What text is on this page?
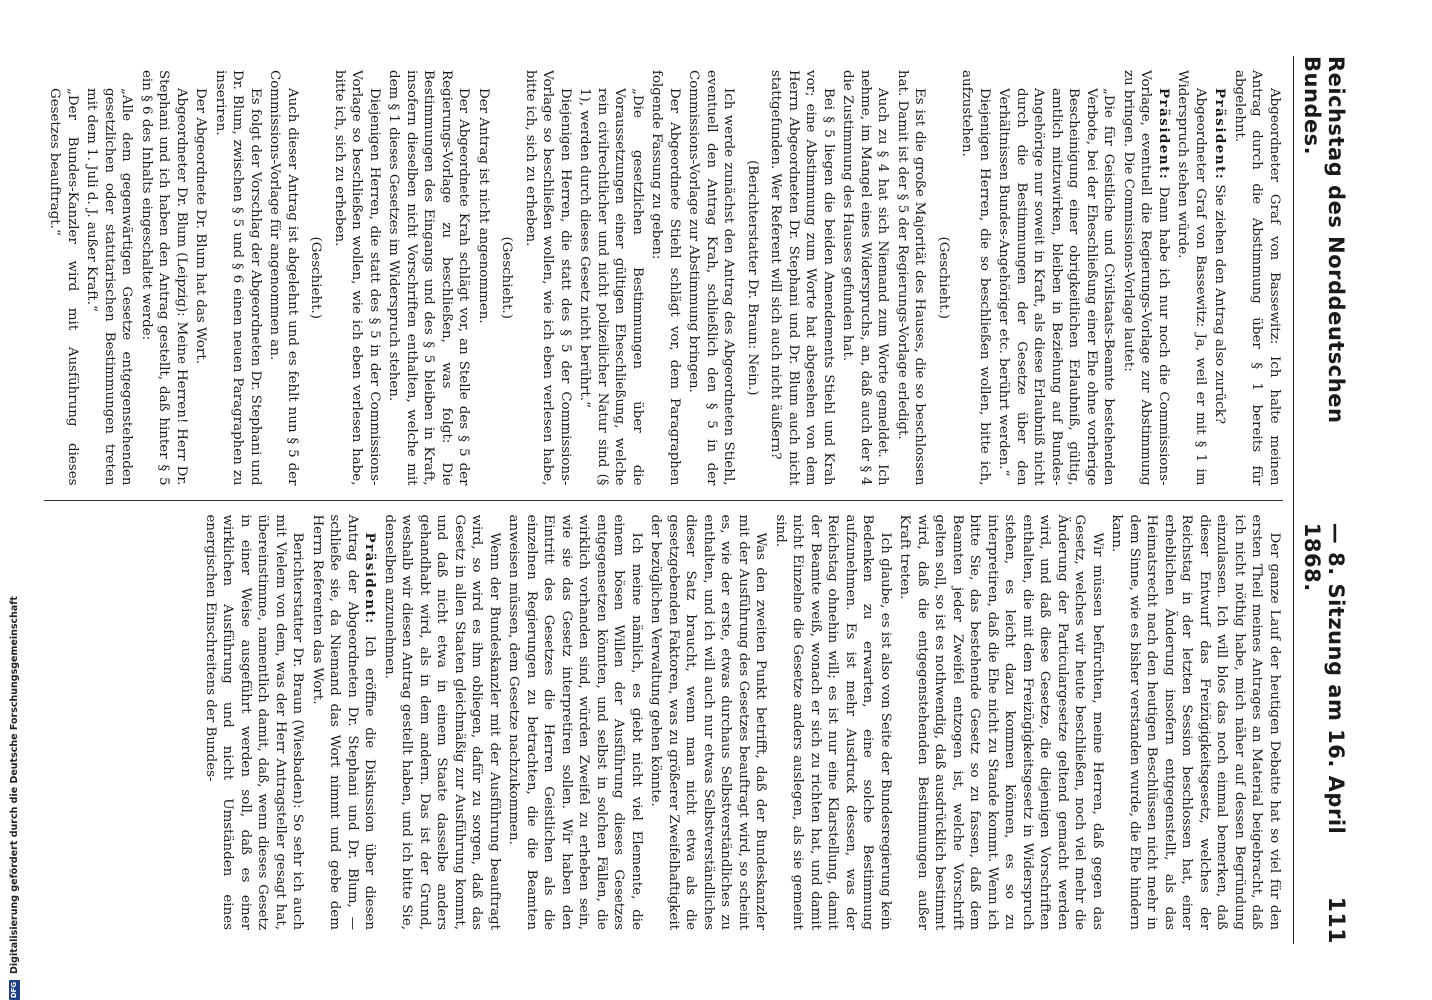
Reichstag des Norddeutschen Bundes.
— 8. Sitzung am 16. April 1868.
111

Abgeordneter Graf von Bassewitz: Ich halte meinen Antrag durch die Abstimmung über § 1 bereits für abgelehnt.

Präsident: Sie ziehen den Antrag also zurück?

Abgeordneter Graf von Bassewitz: Ja, weil er mit § 1 im Widerspruch stehen würde.

Präsident: Dann habe ich nur noch die Commissions-Vorlage, eventuell die Regierungs-Vorlage zur Abstimmung zu bringen. Die Commissions-Vorlage lautet:

„Die für Geistliche und Civilstaats-Beamte bestehenden Verbote, bei der Eheschließung einer Ehe ohne vorherige Bescheinigung einer obrigkeitlichen Erlaubniß, gültig, amtlich mitzuwirken, bleiben in Beziehung auf Bundes-Angehörige nur soweit in Kraft, als diese Erlaubniß nicht durch die Bestimmungen der Gesetze über den Verhältnissen Bundes-Angehöriger etc. berührt werden.“

Diejenigen Herren, die so beschließen wollen, bitte ich, aufzustehen.

(Geschieht.)

Es ist die große Majorität des Hauses, die so beschlossen hat. Damit ist der § 5 der Regierungs-Vorlage erledigt.

Auch zu § 4 hat sich Niemand zum Worte gemeldet. Ich nehme, im Mangel eines Widerspruchs, an, daß auch der § 4 die Zustimmung des Hauses gefunden hat.

Bei § 5 liegen die beiden Amendements Stiehl und Krah vor; eine Abstimmung zum Worte hat abgesehen von dem Herrn Abgeordneten Dr. Stephani und Dr. Blum auch nicht stattgefunden. Wer Referent will sich auch nicht äußern?

(Berichterstatter Dr. Braun: Nein.)

Ich werde zunächst den Antrag des Abgeordneten Stiehl, eventuell den Antrag Krah, schließlich den § 5 in der Commissions-Vorlage zur Abstimmung bringen.

Der Abgeordnete Stiehl schlägt vor, dem Paragraphen folgende Fassung zu geben:

„Die gesetzlichen Bestimmungen über die Voraussetzungen einer gültigen Eheschließung, welche rein civilrechtlicher und nicht polizeilicher Natur sind (§ 1), werden durch dieses Gesetz nicht berührt.“

Diejenigen Herren, die statt des § 5 der Commissions-Vorlage so beschließen wollen, wie ich eben verlesen habe, bitte ich, sich zu erheben.

(Geschieht.)

Der Antrag ist nicht angenommen.

Der Abgeordnete Krah schlägt vor, an Stelle des § 5 der Regierungs-Vorlage zu beschließen, was folgt: Die Bestimmungen des Eingangs und des § 5 bleiben in Kraft, insofern dieselben nicht Vorschriften enthalten, welche mit dem § 1 dieses Gesetzes im Widerspruch stehen.

Diejenigen Herren, die statt des § 5 in der Commissions-Vorlage so beschließen wollen, wie ich eben verlesen habe, bitte ich, sich zu erheben.

(Geschieht.)

Auch dieser Antrag ist abgelehnt und es fehlt nun § 5 der Commissions-Vorlage für angenommen an.

Es folgt der Vorschlag der Abgeordneten Dr. Stephani und Dr. Blum, zwischen § 5 und § 6 einen neuen Paragraphen zu inseriren.

Der Abgeordnete Dr. Blum hat das Wort.

Abgeordneter Dr. Blum (Leipzig): Meine Herren! Herr Dr. Stephani und ich haben den Antrag gestellt, daß hinter § 5 ein § 6 des Inhalts eingeschaltet werde:

„Alle dem gegenwärtigen Gesetze entgegenstehenden gesetzlichen oder statutarischen Bestimmungen treten mit dem 1. Juli d. J. außer Kraft.“

„Der Bundes-Kanzler wird mit Ausführung dieses Gesetzes beauftragt.“

Der ganze Lauf der heutigen Debatte hat so viel für den ersten Theil meines Antrages an Material beigebracht, daß ich nicht nöthig habe, mich näher auf dessen Begründung einzulassen. Ich will blos das noch einmal bemerken, daß dieser Entwurf das Freizügigkeitsgesetz, welches der Reichstag in der letzten Session beschlossen hat, einer erheblichen Änderung insofern entgegenstellt, als das Heimatsrecht nach den heutigen Beschlüssen nicht mehr in dem Sinne, wie es bisher verstanden wurde, die Ehe hindern kann.

Wir müssen befürchten, meine Herren, daß gegen das Gesetz, welches wir heute beschließen, noch viel mehr die Änderung der Particulargesetze geltend gemacht werden wird, und daß diese Gesetze, die diejenigen Vorschriften enthalten, die mit dem Freizügigkeitsgesetz in Widerspruch stehen, es leicht dazu kommen können, es so zu interpretiren, daß die Ehe nicht zu Stande kommt. Wenn ich bitte Sie, das bestehende Gesetz so zu fassen, daß dem Beamten jeder Zweifel entzogen ist, welche Vorschrift gelten soll, so ist es nothwendig, daß ausdrücklich bestimmt wird, daß die entgegenstehenden Bestimmungen außer Kraft treten.

Ich glaube, es ist also von Seite der Bundesregierung kein Bedenken zu erwarten, eine solche Bestimmung aufzunehmen. Es ist mehr Ausdruck dessen, was der Reichstag ohnehin will; es ist nur eine Klarstellung, damit der Beamte weiß, wonach er sich zu richten hat, und damit nicht Einzelne die Gesetze anders auslegen, als sie gemeint sind.

Was den zweiten Punkt betrifft, daß der Bundeskanzler mit der Ausführung des Gesetzes beauftragt wird, so scheint es, wie der erste, etwas durchaus Selbstverständliches zu enthalten, und ich will auch nur etwas Selbstverständliches dieser Satz braucht, wenn man nicht etwa als die gesetzgebenden Faktoren, was zu größerer Zweifelhaftigkeit der bezüglichen Verwaltung gehen könnte.

Ich meine nämlich, es giebt nicht viel Elemente, die einem bösen Willen der Ausführung dieses Gesetzes entgegensetzen könnten, und selbst in solchen Fällen, die wirklich vorhanden sind, würden Zweifel zu erheben sein, wie sie das Gesetz interpretiren sollen. Wir haben den Eintritt des Gesetzes die Herren Geistlichen als die einzelnen Regierungen zu betrachten, die die Beamten anweisen müssen, dem Gesetze nachzukommen.

Wenn der Bundeskanzler mit der Ausführung beauftragt wird, so wird es ihm obliegen, dafür zu sorgen, daß das Gesetz in allen Staaten gleichmäßig zur Ausführung kommt, und daß nicht etwa in einem Staate dasselbe anders gehandhabt wird, als in dem andern. Das ist der Grund, weshalb wir diesen Antrag gestellt haben, und ich bitte Sie, denselben anzunehmen.

Präsident: Ich eröffne die Diskussion über diesen Antrag der Abgeordneten Dr. Stephani und Dr. Blum, — schließe sie, da Niemand das Wort nimmt und gebe dem Herrn Referenten das Wort.

Berichterstatter Dr. Braun (Wiesbaden): So sehr ich auch mit Vielem von dem, was der Herr Antragsteller gesagt hat, übereinstimme, namentlich damit, daß, wenn dieses Gesetz in einer Weise ausgeführt werden soll, daß es einer wirklichen Ausführung und nicht Umständen eines energischen Einschreitens der Bundes-

DFG
Digitalisierung gefördert durch die Deutsche Forschungsgemeinschaft
